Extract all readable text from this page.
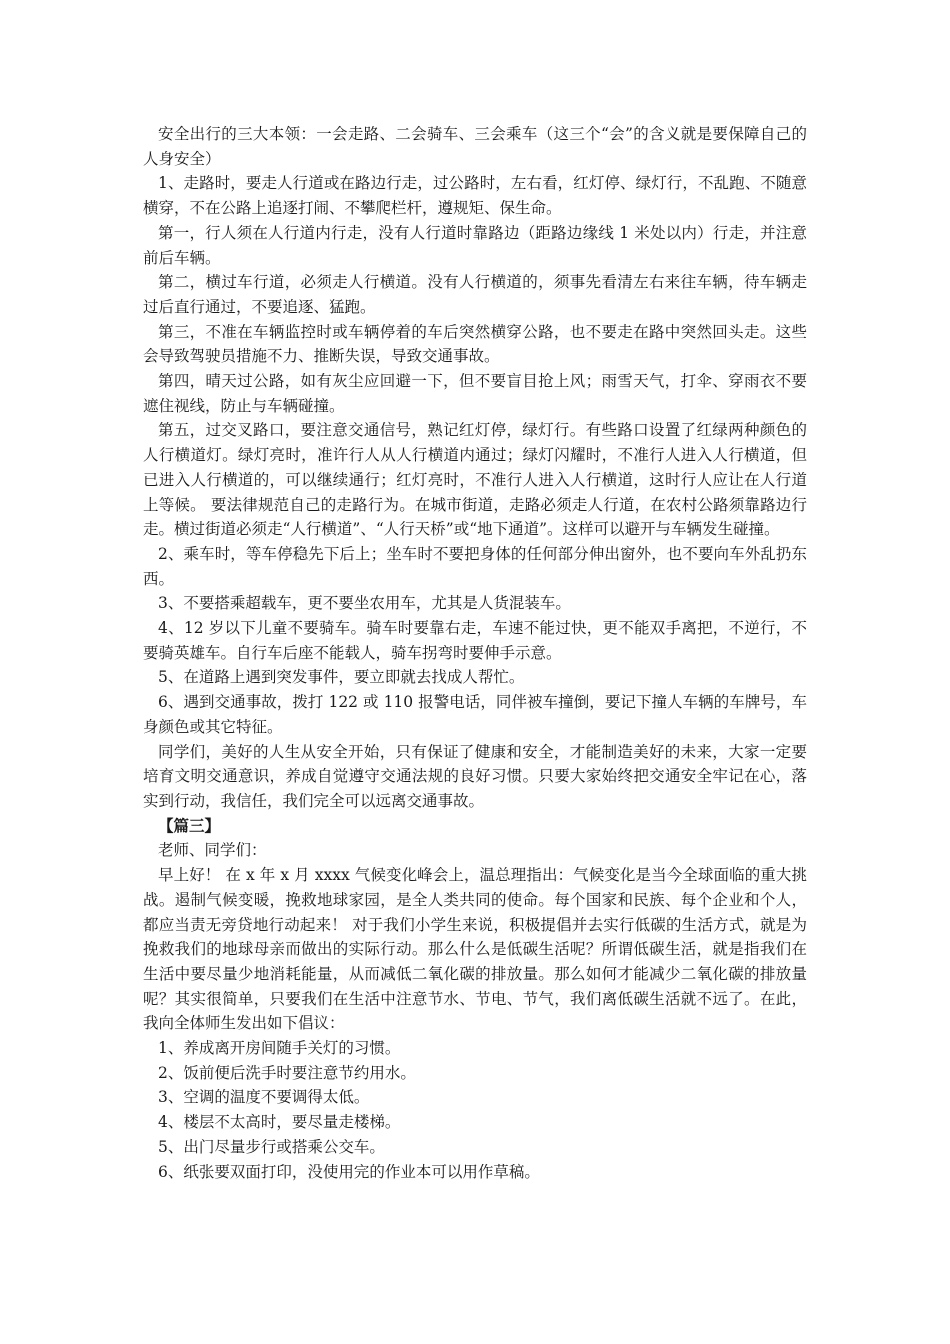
安全出行的三大本领：一会走路、二会骑车、三会乘车（这三个“会”的含义就是要保障自己的人身安全）

1、走路时，要走人行道或在路边行走，过公路时，左右看，红灯停、绿灯行，不乱跑、不随意横穿，不在公路上追逐打闹、不攀爬栏杆，遵规矩、保生命。

第一，行人须在人行道内行走，没有人行道时靠路边（距路边缘线 1 米处以内）行走，并注意前后车辆。

第二，横过车行道，必须走人行横道。没有人行横道的，须事先看清左右来往车辆，待车辆走过后直行通过，不要追逐、猛跑。

第三，不准在车辆监控时或车辆停着的车后突然横穿公路，也不要走在路中突然回头走。这些会导致驾驶员措施不力、推断失误，导致交通事故。

第四，晴天过公路，如有灰尘应回避一下，但不要盲目抢上风；雨雪天气，打伞、穿雨衣不要遮住视线，防止与车辆碰撞。

第五，过交叉路口，要注意交通信号，熟记红灯停，绿灯行。有些路口设置了红绿两种颜色的人行横道灯。绿灯亮时，准许行人从人行横道内通过；绿灯闪耀时，不准行人进入人行横道，但已进入人行横道的，可以继续通行；红灯亮时，不准行人进入人行横道，这时行人应让在人行道上等候。 要法律规范自己的走路行为。在城市街道，走路必须走人行道，在农村公路须靠路边行走。横过街道必须走“人行横道”、“人行天桥”或“地下通道”。这样可以避开与车辆发生碰撞。

2、乘车时，等车停稳先下后上；坐车时不要把身体的任何部分伸出窗外，也不要向车外乱扔东西。

3、不要搭乘超载车，更不要坐农用车，尤其是人货混装车。

4、12 岁以下儿童不要骑车。骑车时要靠右走，车速不能过快，更不能双手离把，不逆行，不要骑英雄车。自行车后座不能载人，骑车拐弯时要伸手示意。

5、在道路上遇到突发事件，要立即就去找成人帮忙。

6、遇到交通事故，拨打 122 或 110 报警电话，同伴被车撞倒，要记下撞人车辆的车牌号，车身颜色或其它特征。

同学们，美好的人生从安全开始，只有保证了健康和安全，才能制造美好的未来，大家一定要培育文明交通意识，养成自觉遵守交通法规的良好习惯。只要大家始终把交通安全牢记在心，落实到行动，我信任，我们完全可以远离交通事故。

【篇三】

老师、同学们：

早上好！ 在 x 年 x 月 xxxx 气候变化峰会上，温总理指出：气候变化是当今全球面临的重大挑战。遏制气候变暖，挽救地球家园，是全人类共同的使命。每个国家和民族、每个企业和个人，都应当责无旁贷地行动起来！ 对于我们小学生来说，积极提倡并去实行低碳的生活方式，就是为挽救我们的地球母亲而做出的实际行动。那么什么是低碳生活呢？所谓低碳生活，就是指我们在生活中要尽量少地消耗能量，从而减低二氧化碳的排放量。那么如何才能减少二氧化碳的排放量呢？其实很简单，只要我们在生活中注意节水、节电、节气，我们离低碳生活就不远了。在此，我向全体师生发出如下倡议：

1、养成离开房间随手关灯的习惯。

2、饭前便后洗手时要注意节约用水。

3、空调的温度不要调得太低。

4、楼层不太高时，要尽量走楼梯。

5、出门尽量步行或搭乘公交车。

6、纸张要双面打印，没使用完的作业本可以用作草稿。
